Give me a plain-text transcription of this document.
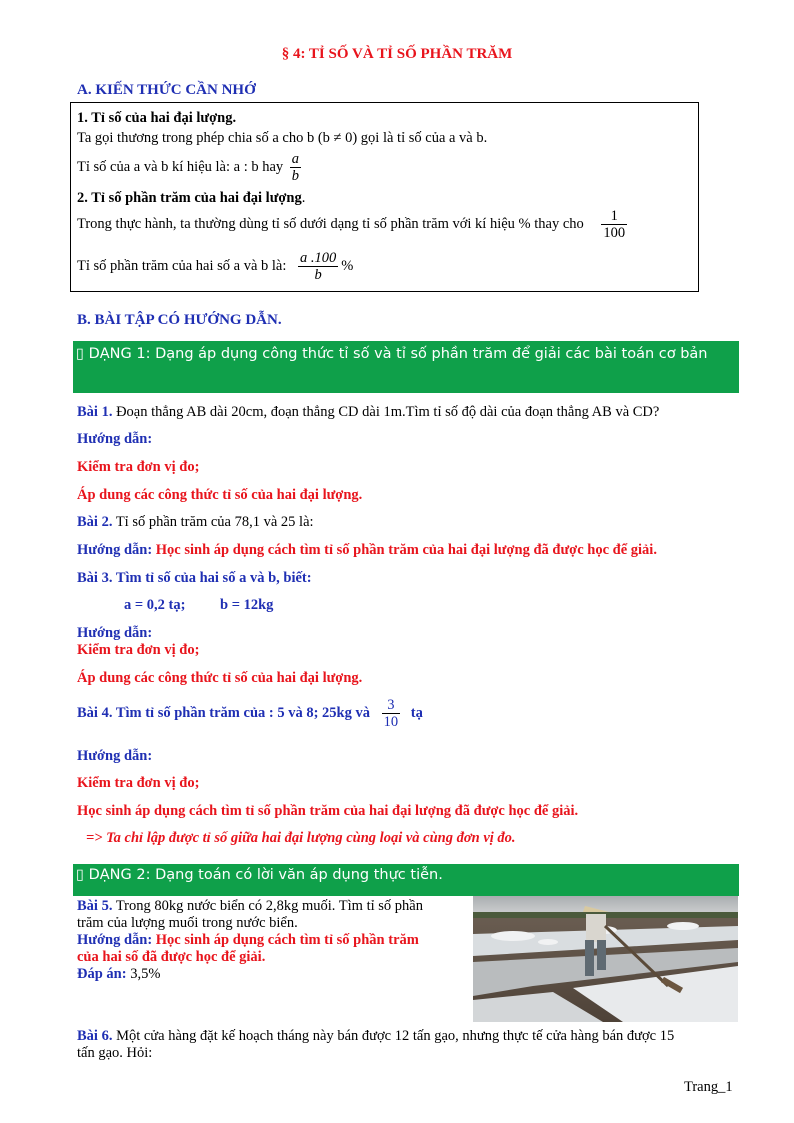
§ 4: TỈ SỐ VÀ TỈ SỐ PHẦN TRĂM
A. KIẾN THỨC CẦN NHỚ
1. Tỉ số của hai đại lượng.
Ta gọi thương trong phép chia số a cho b (b ≠ 0) gọi là tỉ số của a và b.
Tỉ số của a và b kí hiệu là: a : b hay $\frac{a}{b}$
2. Tỉ số phần trăm của hai đại lượng.
Trong thực hành, ta thường dùng tỉ số dưới dạng tỉ số phần trăm với kí hiệu % thay cho $\frac{1}{100}$
Tỉ số phần trăm của hai số a và b là: $\frac{a .100}{b}$ %
B. BÀI TẬP CÓ HƯỚNG DẪN.
▯ DẠNG 1: Dạng áp dụng công thức tỉ số và tỉ số phần trăm để giải các bài toán cơ bản
Bài 1. Đoạn thẳng AB dài 20cm, đoạn thẳng CD dài 1m.Tìm tỉ số độ dài của đoạn thẳng AB và CD?
Hướng dẫn:
Kiểm tra đơn vị đo;
Áp dung các công thức tỉ số của hai đại lượng.
Bài 2. Tỉ số phần trăm của 78,1 và 25 là:
Hướng dẫn: Học sinh áp dụng cách tìm tỉ số phần trăm của hai đại lượng đã được học để giải.
Bài 3. Tìm tỉ số của hai số a và b, biết:
a = 0,2 tạ; b = 12kg
Hướng dẫn:
Kiểm tra đơn vị đo;
Áp dung các công thức tỉ số của hai đại lượng.
Bài 4. Tìm tỉ số phần trăm của : 5 và 8; 25kg và $\frac{3}{10}$ tạ
Hướng dẫn:
Kiểm tra đơn vị đo;
Học sinh áp dụng cách tìm tỉ số phần trăm của hai đại lượng đã được học để giải.
=> Ta chỉ lập được tỉ số giữa hai đại lượng cùng loại và cùng đơn vị đo.
▯ DẠNG 2: Dạng toán có lời văn áp dụng thực tiễn.
Bài 5. Trong 80kg nước biển có 2,8kg muối. Tìm tỉ số phần
trăm của lượng muối trong nước biển.
Hướng dẫn: Học sinh áp dụng cách tìm tỉ số phần trăm
của hai số đã được học để giải.
Đáp án: 3,5%
Bài 6. Một cửa hàng đặt kế hoạch tháng này bán được 12 tấn gạo, nhưng thực tế cửa hàng bán được 15
tấn gạo. Hỏi:
Trang_1
